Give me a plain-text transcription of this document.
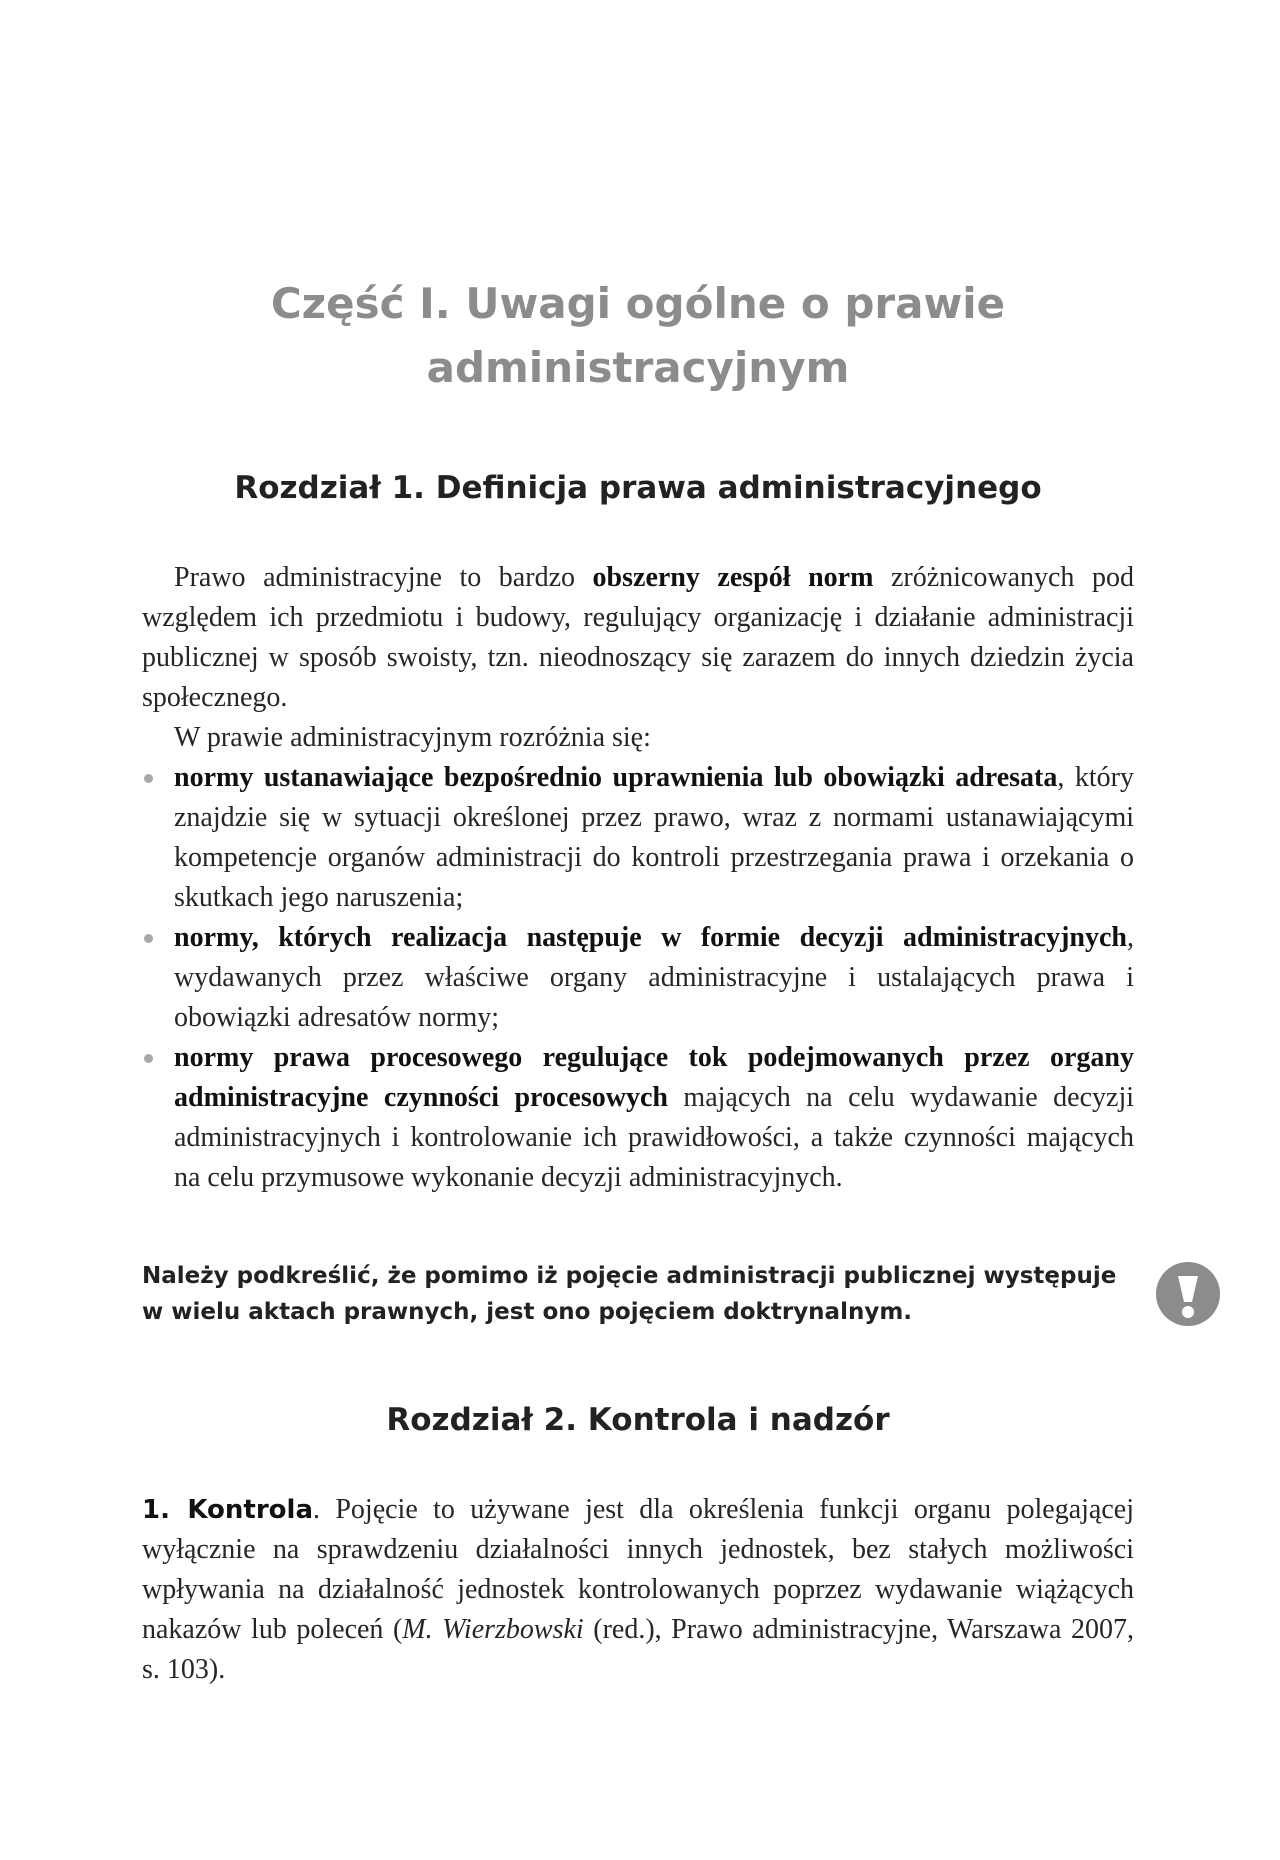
Część I. Uwagi ogólne o prawie
administracyjnym
Rozdział 1. Definicja prawa administracyjnego

Prawo administracyjne to bardzo obszerny zespół norm zróżnicowanych pod względem ich przedmiotu i budowy, regulujący organizację i działanie administracji publicznej w sposób swoisty, tzn. nieodnoszący się zarazem do innych dziedzin życia społecznego.

W prawie administracyjnym rozróżnia się:

normy ustanawiające bezpośrednio uprawnienia lub obowiązki adresata, który znajdzie się w sytuacji określonej przez prawo, wraz z normami ustanawiającymi kompetencje organów administracji do kontroli przestrzegania prawa i orzekania o skutkach jego naruszenia;
normy, których realizacja następuje w formie decyzji administracyjnych, wydawanych przez właściwe organy administracyjne i ustalających prawa i obowiązki adresatów normy;
normy prawa procesowego regulujące tok podejmowanych przez organy administracyjne czynności procesowych mających na celu wydawanie decyzji administracyjnych i kontrolowanie ich prawidłowości, a także czynności mających na celu przymusowe wykonanie decyzji administracyjnych.
Należy podkreślić, że pomimo iż pojęcie administracji publicznej występuje w wielu aktach prawnych, jest ono pojęciem doktrynalnym.
Rozdział 2. Kontrola i nadzór

1. Kontrola. Pojęcie to używane jest dla określenia funkcji organu polegającej wyłącznie na sprawdzeniu działalności innych jednostek, bez stałych możliwości wpływania na działalność jednostek kontrolowanych poprzez wydawanie wiążących nakazów lub poleceń (M. Wierzbowski (red.), Prawo administracyjne, Warszawa 2007, s. 103).
